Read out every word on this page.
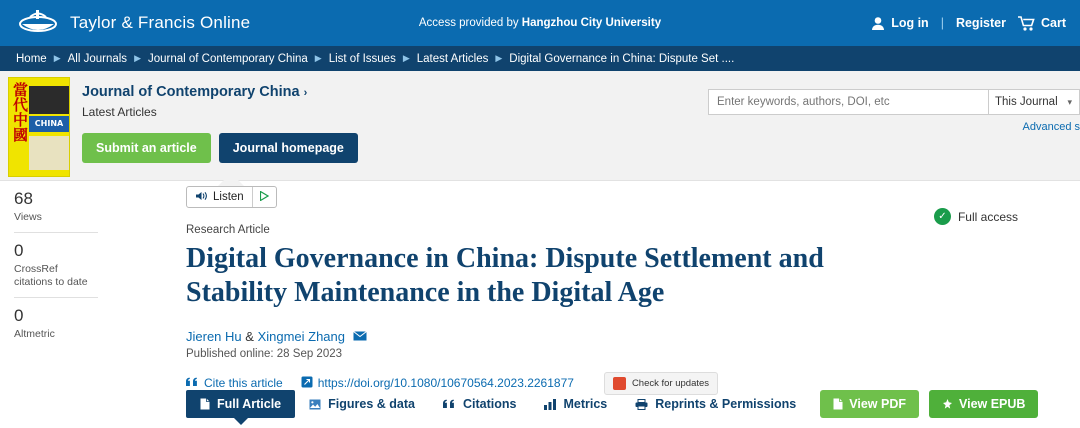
Taylor & Francis Online	Access provided by Hangzhou City University	Log in | Register	Cart
Home ▶ All Journals ▶ Journal of Contemporary China ▶ List of Issues ▶ Latest Articles ▶ Digital Governance in China: Dispute Set ....
當代中國 CHINA
Journal of Contemporary China ›
Latest Articles
Submit an article	Journal homepage
Enter keywords, authors, DOI, etc
This Journal ▾
Advanced s
68
Views
0
CrossRef citations to date
0
Altmetric
Listen
Research Article
Digital Governance in China: Dispute Settlement and Stability Maintenance in the Digital Age
Jieren Hu & Xingmei Zhang
Published online: 28 Sep 2023
Cite this article	https://doi.org/10.1080/10670564.2023.2261877	Check for updates
✓ Full access
Full Article	Figures & data	Citations	Metrics	Reprints & Permissions	View PDF	View EPUB
